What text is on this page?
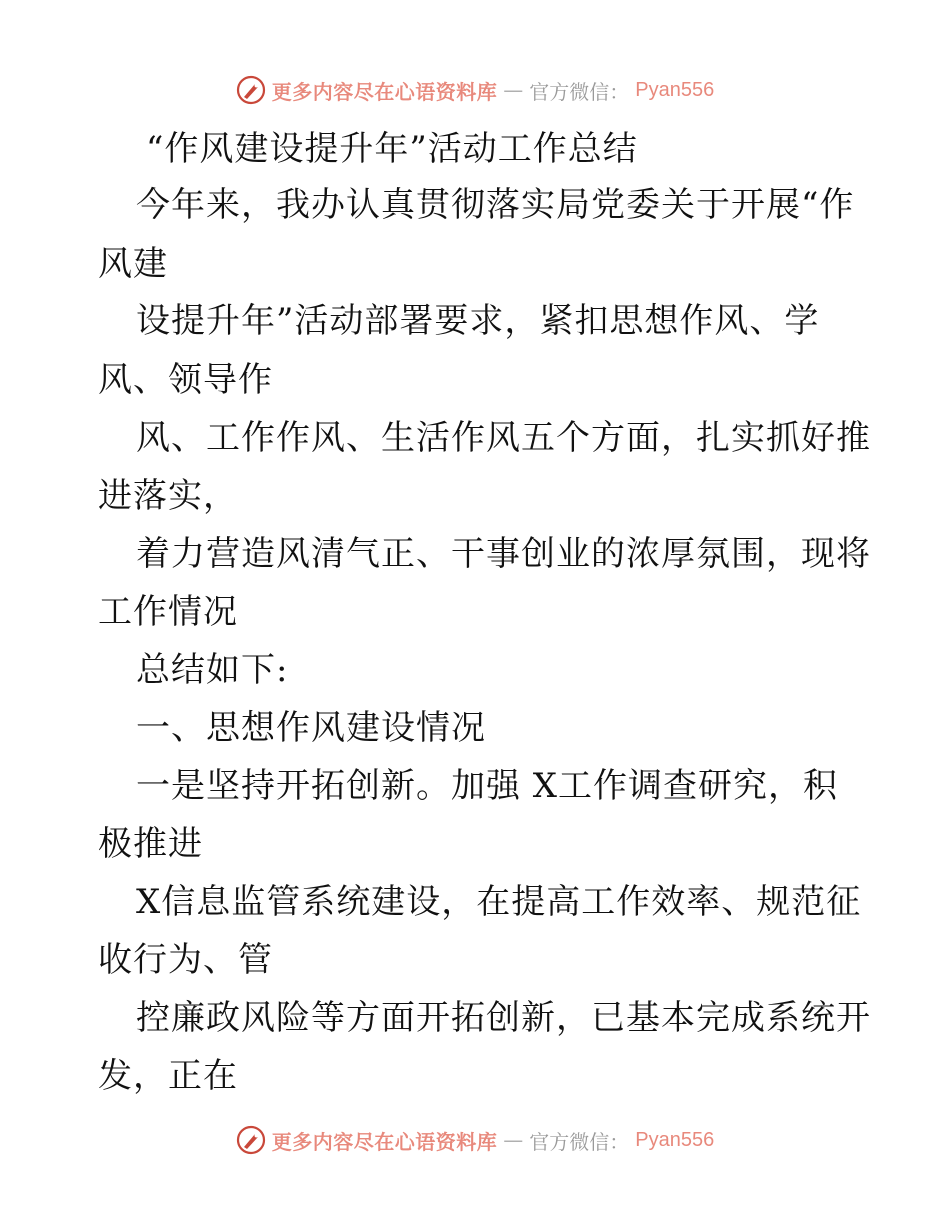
更多内容尽在心语资料库 — 官方微信： Pyan556
“作风建设提升年”活动工作总结
今年来，我办认真贯彻落实局党委关于开展“作
风建
设提升年”活动部署要求，紧扣思想作风、学
风、领导作
风、工作作风、生活作风五个方面，扎实抓好推
进落实，
着力营造风清气正、干事创业的浓厚氛围，现将
工作情况
总结如下:
一、思想作风建设情况
一是坚持开拓创新。加强 X工作调查研究，积
极推进
X信息监管系统建设，在提高工作效率、规范征
收行为、管
控廉政风险等方面开拓创新，已基本完成系统开
发，正在
更多内容尽在心语资料库 — 官方微信： Pyan556
